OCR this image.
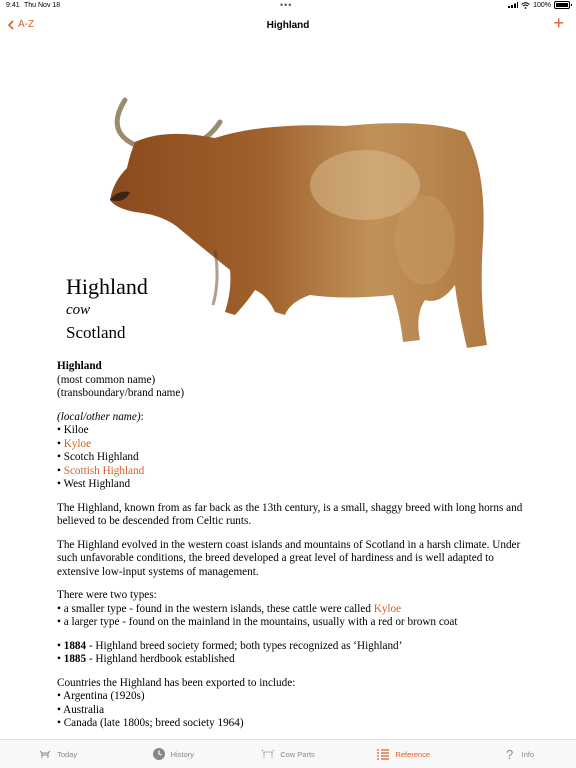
9:41 Thu Nov 18	•••	100%
A-Z	Highland	+
Highland
cow
Scotland

Highland
(most common name)
(transboundary/brand name)

(local/other name):
• Kiloe
• Kyloe
• Scotch Highland
• Scottish Highland
• West Highland

The Highland, known from as far back as the 13th century, is a small, shaggy breed with long horns and believed to be descended from Celtic runts.

The Highland evolved in the western coast islands and mountains of Scotland in a harsh climate. Under such unfavorable conditions, the breed developed a great level of hardiness and is well adapted to extensive low-input systems of management.

There were two types:
• a smaller type - found in the western islands, these cattle were called Kyloe
• a larger type - found on the mainland in the mountains, usually with a red or brown coat

• 1884 - Highland breed society formed; both types recognized as ‘Highland’
• 1885 - Highland herdbook established

Countries the Highland has been exported to include:
• Argentina (1920s)
• Australia
• Canada (late 1800s; breed society 1964)

Today	History	Cow Parts	Reference	? Info
